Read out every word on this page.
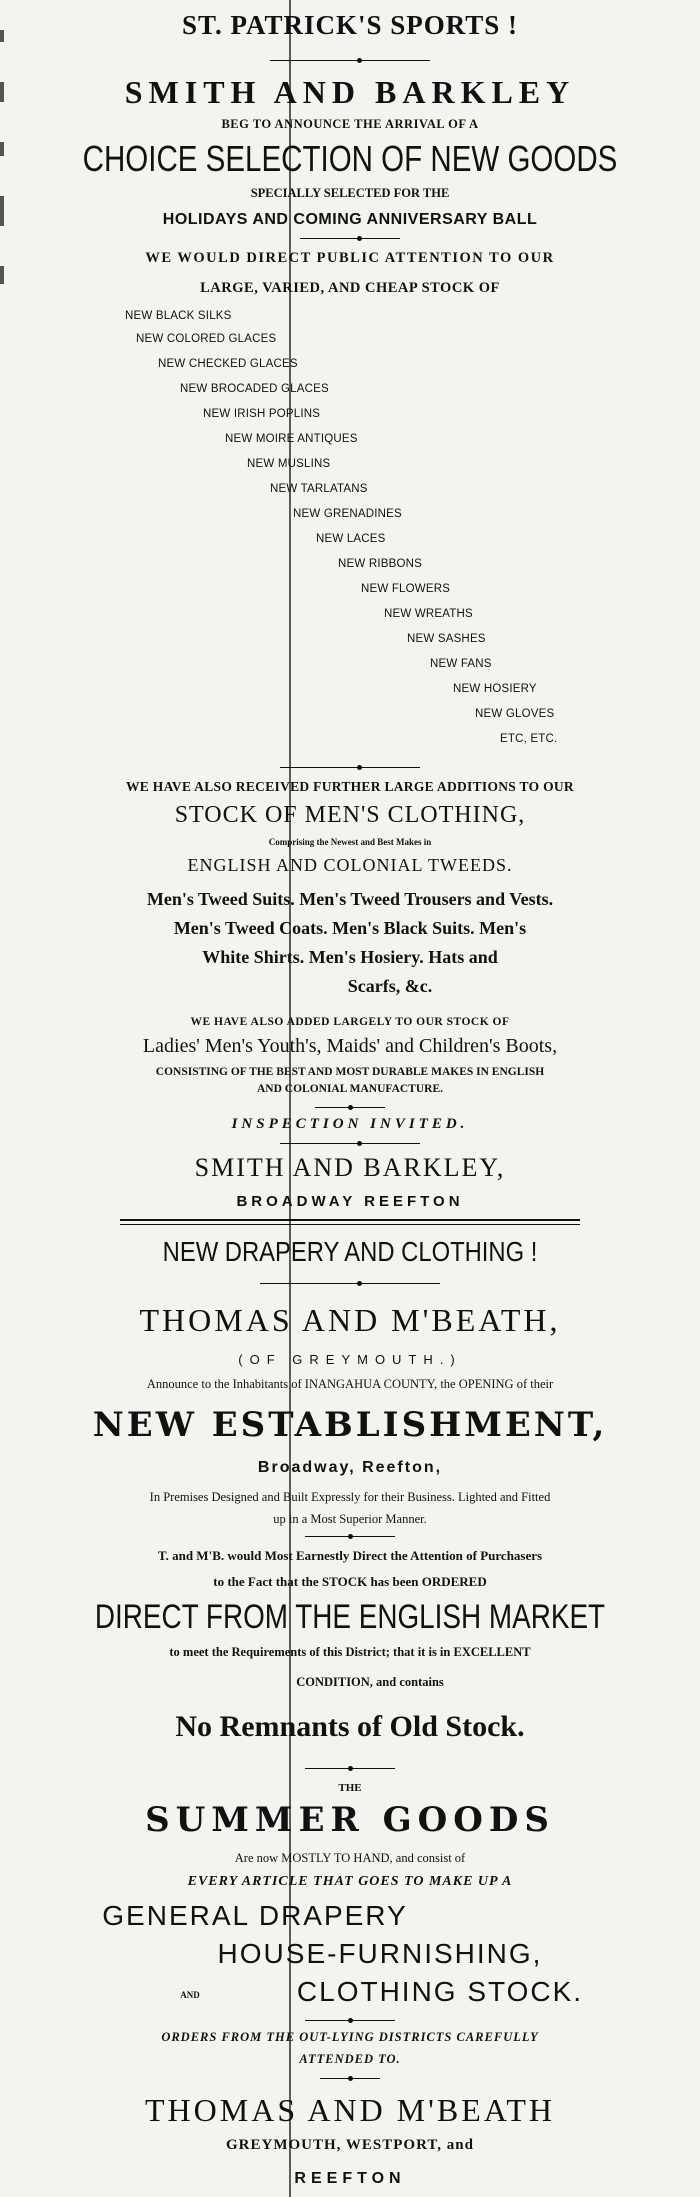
ST. PATRICK'S SPORTS !
SMITH AND BARKLEY
BEG TO ANNOUNCE THE ARRIVAL OF A
CHOICE SELECTION OF NEW GOODS
SPECIALLY SELECTED FOR THE
HOLIDAYS AND COMING ANNIVERSARY BALL
WE WOULD DIRECT PUBLIC ATTENTION TO OUR
LARGE, VARIED, AND CHEAP STOCK OF
NEW BLACK SILKS
NEW COLORED GLACES
NEW CHECKED GLACES
NEW BROCADED GLACES
NEW IRISH POPLINS
NEW MOIRE ANTIQUES
NEW MUSLINS
NEW TARLATANS
NEW GRENADINES
NEW LACES
NEW RIBBONS
NEW FLOWERS
NEW WREATHS
NEW SASHES
NEW FANS
NEW HOSIERY
NEW GLOVES
ETC, ETC.
WE HAVE ALSO RECEIVED FURTHER LARGE ADDITIONS TO OUR
STOCK OF MEN'S CLOTHING,
Comprising the Newest and Best Makes in
ENGLISH AND COLONIAL TWEEDS.
Men's Tweed Suits. Men's Tweed Trousers and Vests.
Men's Tweed Coats. Men's Black Suits. Men's
White Shirts. Men's Hosiery. Hats and
Scarfs, &c.
WE HAVE ALSO ADDED LARGELY TO OUR STOCK OF
Ladies' Men's Youth's, Maids' and Children's Boots,
CONSISTING OF THE BEST AND MOST DURABLE MAKES IN ENGLISH
AND COLONIAL MANUFACTURE.
INSPECTION INVITED.
SMITH AND BARKLEY,
BROADWAY REEFTON
NEW DRAPERY AND CLOTHING !
THOMAS AND M'BEATH,
(OF GREYMOUTH.)
Announce to the Inhabitants of INANGAHUA COUNTY, the OPENING of their
NEW ESTABLISHMENT,
Broadway, Reefton,
In Premises Designed and Built Expressly for their Business. Lighted and Fitted
up in a Most Superior Manner.
T. and M'B. would Most Earnestly Direct the Attention of Purchasers
to the Fact that the STOCK has been ORDERED
DIRECT FROM THE ENGLISH MARKET
to meet the Requirements of this District; that it is in EXCELLENT
CONDITION, and contains
No Remnants of Old Stock.
THE
SUMMER GOODS
Are now MOSTLY TO HAND, and consist of
EVERY ARTICLE THAT GOES TO MAKE UP A
GENERAL DRAPERY
HOUSE-FURNISHING,
AND	CLOTHING STOCK.
ORDERS FROM THE OUT-LYING DISTRICTS CAREFULLY
ATTENDED TO.
THOMAS AND M'BEATH
GREYMOUTH, WESTPORT, and
REEFTON
